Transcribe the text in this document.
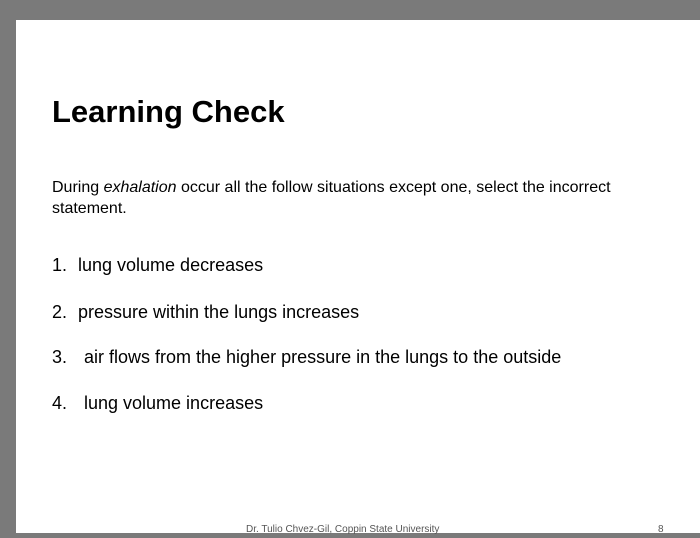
Learning Check

During exhalation occur all the follow situations except one, select the incorrect statement.

1. lung volume decreases
2. pressure within the lungs increases
3. air flows from the higher pressure in the lungs to the outside
4. lung volume increases
Dr. Tulio Chvez-Gil, Coppin State University	8
